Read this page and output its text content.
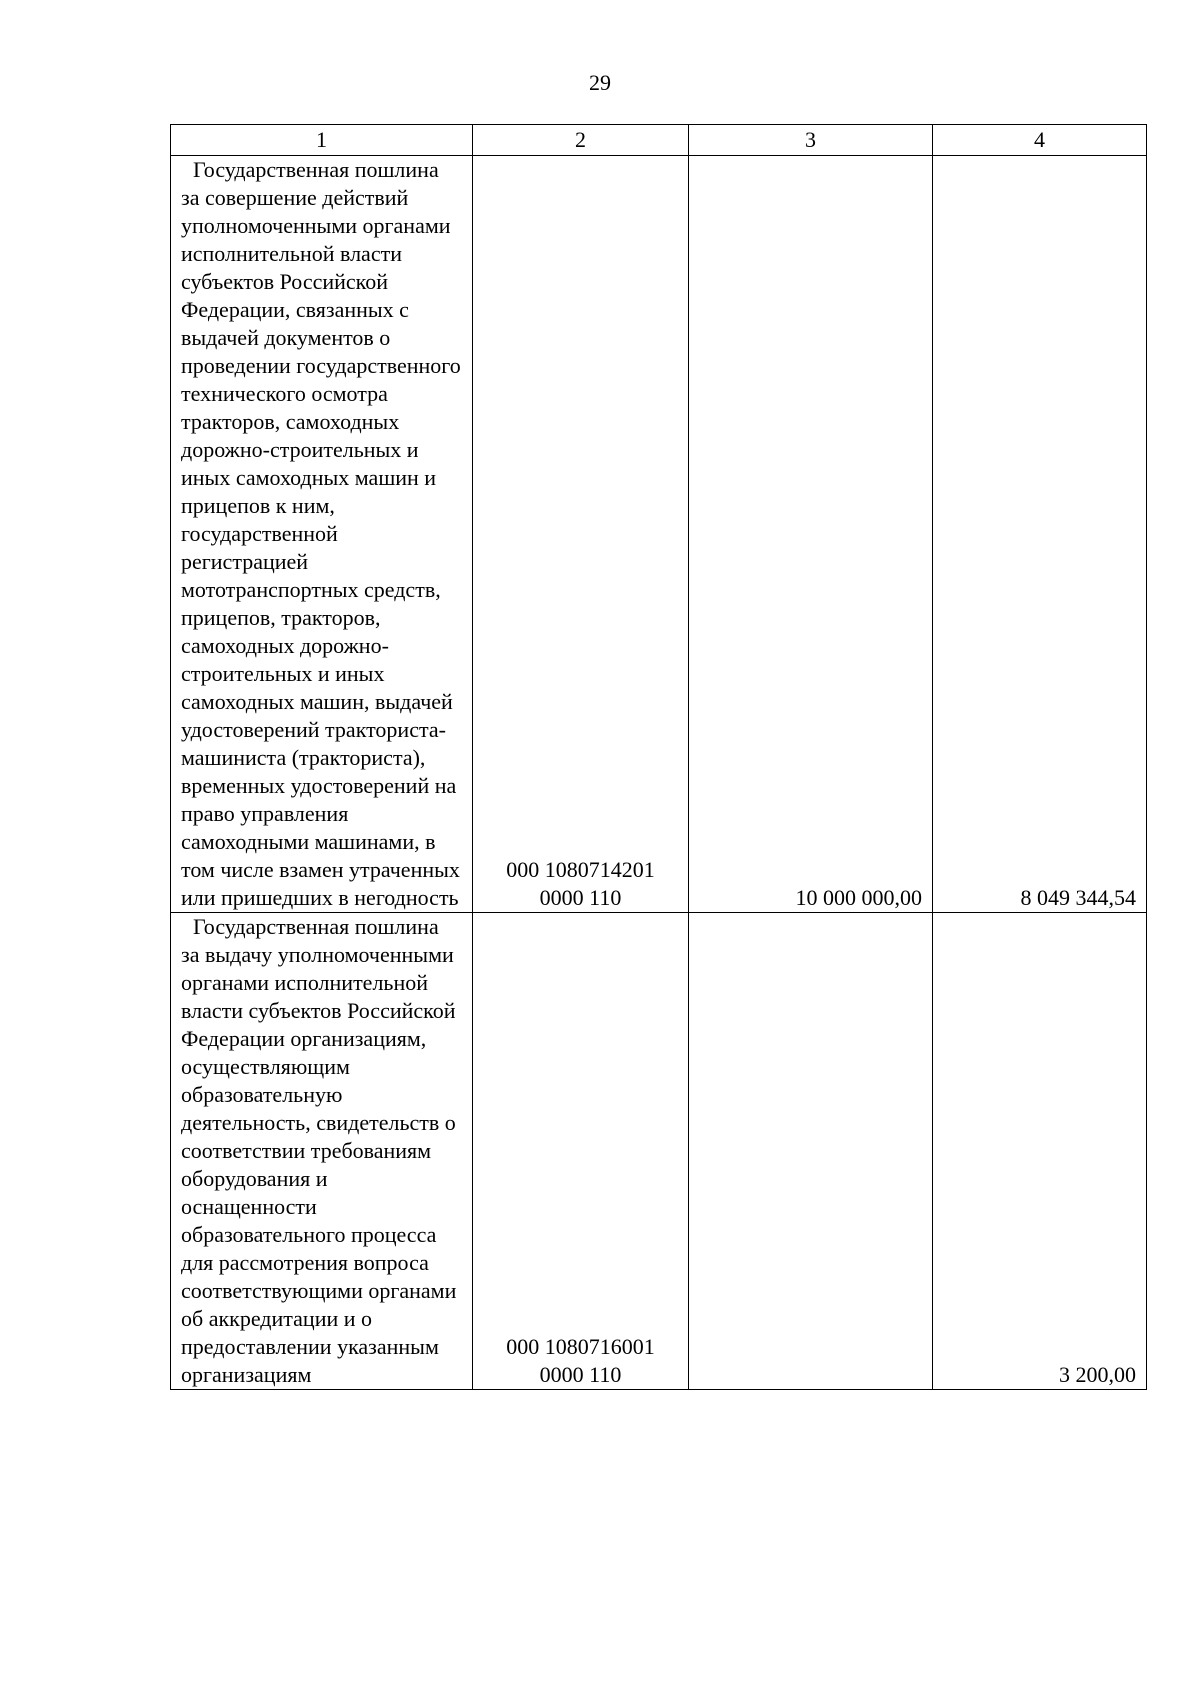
29
1	2	3	4
Государственная пошлина за совершение действий уполномоченными органами исполнительной власти субъектов Российской Федерации, связанных с выдачей документов о проведении государственного технического осмотра тракторов, самоходных дорожно-строительных и иных самоходных машин и прицепов к ним, государственной регистрацией мототранспортных средств, прицепов, тракторов, самоходных дорожно-строительных и иных самоходных машин, выдачей удостоверений тракториста-машиниста (тракториста), временных удостоверений на право управления самоходными машинами, в том числе взамен утраченных или пришедших в негодность	000 1080714201 0000 110	10 000 000,00	8 049 344,54
Государственная пошлина за выдачу уполномоченными органами исполнительной власти субъектов Российской Федерации организациям, осуществляющим образовательную деятельность, свидетельств о соответствии требованиям оборудования и оснащенности образовательного процесса для рассмотрения вопроса соответствующими органами об аккредитации и о предоставлении указанным организациям	000 1080716001 0000 110		3 200,00
